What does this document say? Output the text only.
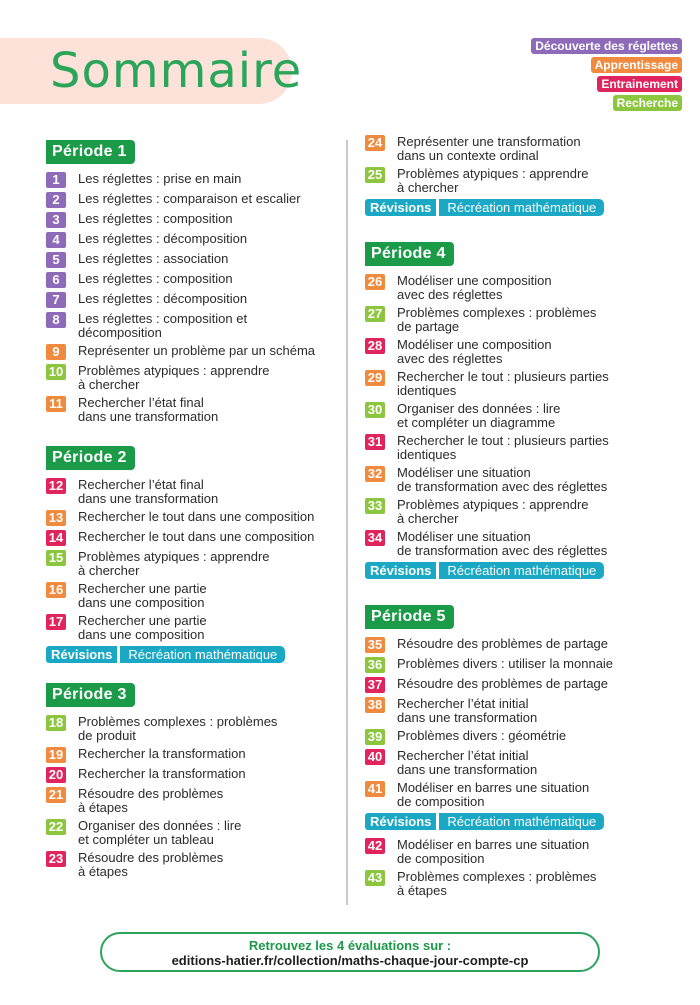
Sommaire	Découverte des réglettes
Apprentissage
Entrainement
Recherche
Période 1
1	Les réglettes : prise en main
2	Les réglettes : comparaison et escalier
3	Les réglettes : composition
4	Les réglettes : décomposition
5	Les réglettes : association
6	Les réglettes : composition
7	Les réglettes : décomposition
8	Les réglettes : composition et
décomposition
9	Représenter un problème par un schéma
10 Problèmes atypiques : apprendre
à chercher
11 Rechercher l’état final
dans une transformation
Période 2
12 Rechercher l’état final
dans une transformation
13 Rechercher le tout dans une composition
14 Rechercher le tout dans une composition
15 Problèmes atypiques : apprendre
à chercher
16 Rechercher une partie
dans une composition
17 Rechercher une partie
dans une composition
Révisions	Récréation mathématique
Période 3
18 Problèmes complexes : problèmes
de produit
19 Rechercher la transformation
20 Rechercher la transformation
21 Résoudre des problèmes
à étapes
22 Organiser des données : lire
et compléter un tableau
23 Résoudre des problèmes
à étapes
24 Représenter une transformation
dans un contexte ordinal
25 Problèmes atypiques : apprendre
à chercher
Révisions	Récréation mathématique
Période 4
26 Modéliser une composition
avec des réglettes
27 Problèmes complexes : problèmes
de partage
28 Modéliser une composition
avec des réglettes
29 Rechercher le tout : plusieurs parties
identiques
30 Organiser des données : lire
et compléter un diagramme
31 Rechercher le tout : plusieurs parties
identiques
32 Modéliser une situation
de transformation avec des réglettes
33 Problèmes atypiques : apprendre
à chercher
34 Modéliser une situation
de transformation avec des réglettes
Révisions	Récréation mathématique
Période 5
35 Résoudre des problèmes de partage
36 Problèmes divers : utiliser la monnaie
37 Résoudre des problèmes de partage
38 Rechercher l’état initial
dans une transformation
39 Problèmes divers : géométrie
40 Rechercher l’état initial
dans une transformation
41 Modéliser en barres une situation
de composition
Révisions	Récréation mathématique
42 Modéliser en barres une situation
de composition
43 Problèmes complexes : problèmes
à étapes
Retrouvez les 4 évaluations sur :
editions-hatier.fr/collection/maths-chaque-jour-compte-cp
